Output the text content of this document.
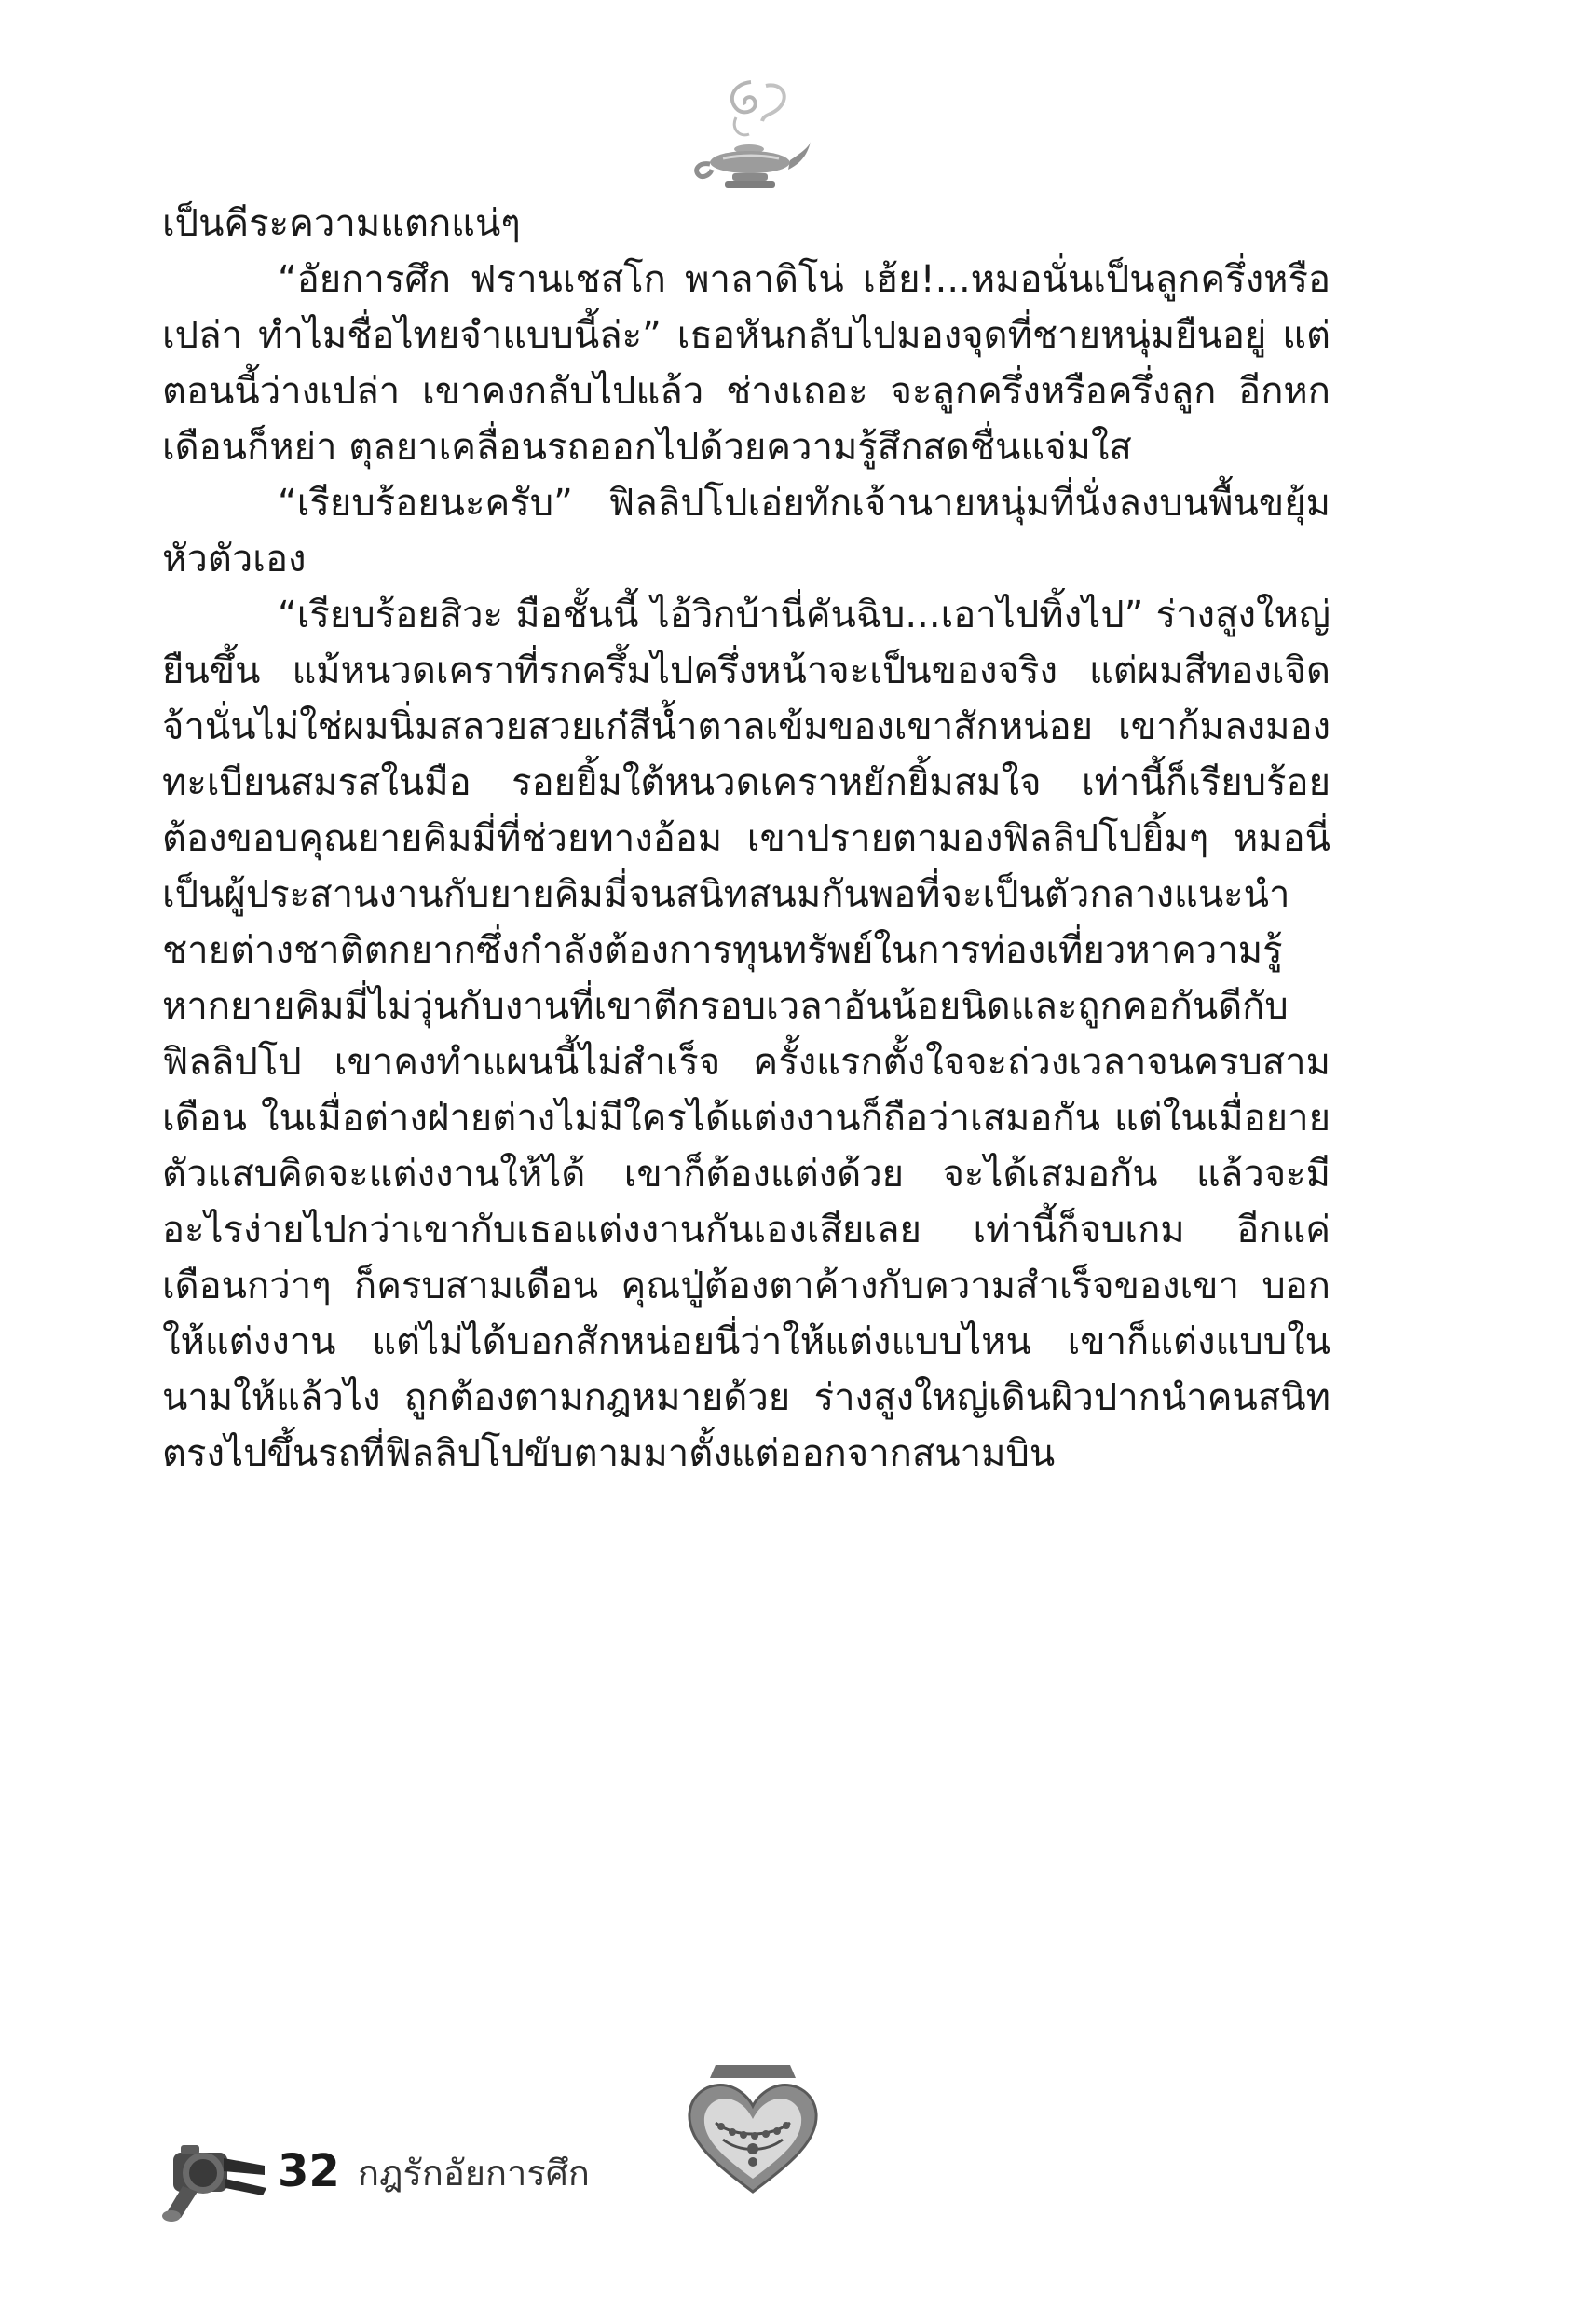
เป็นคีระความแตกแน่ๆ

“อัยการศึก ฟรานเชสโก พาลาดิโน่ เฮ้ย!...หมอนั่นเป็นลูกครึ่งหรือเปล่า ทำไมชื่อไทยจำแบบนี้ล่ะ” เธอหันกลับไปมองจุดที่ชายหนุ่มยืนอยู่ แต่ตอนนี้ว่างเปล่า เขาคงกลับไปแล้ว ช่างเถอะ จะลูกครึ่งหรือครึ่งลูก อีกหกเดือนก็หย่า ตุลยาเคลื่อนรถออกไปด้วยความรู้สึกสดชื่นแจ่มใส

“เรียบร้อยนะครับ” ฟิลลิปโปเอ่ยทักเจ้านายหนุ่มที่นั่งลงบนพื้นขยุ้มหัวตัวเอง

“เรียบร้อยสิวะ มือชั้นนี้ ไอ้วิกบ้านี่คันฉิบ...เอาไปทิ้งไป” ร่างสูงใหญ่ยืนขึ้น แม้หนวดเคราที่รกครึ้มไปครึ่งหน้าจะเป็นของจริง แต่ผมสีทองเจิดจ้านั่นไม่ใช่ผมนิ่มสลวยสวยเก๋สีน้ำตาลเข้มของเขาสักหน่อย เขาก้มลงมองทะเบียนสมรสในมือ รอยยิ้มใต้หนวดเคราหยักยิ้มสมใจ เท่านี้ก็เรียบร้อย ต้องขอบคุณยายคิมมี่ที่ช่วยทางอ้อม เขาปรายตามองฟิลลิปโปยิ้มๆ หมอนี่เป็นผู้ประสานงานกับยายคิมมี่จนสนิทสนมกันพอที่จะเป็นตัวกลางแนะนำชายต่างชาติตกยากซึ่งกำลังต้องการทุนทรัพย์ในการท่องเที่ยวหาความรู้ หากยายคิมมี่ไม่วุ่นกับงานที่เขาตีกรอบเวลาอันน้อยนิดและถูกคอกันดีกับฟิลลิปโป เขาคงทำแผนนี้ไม่สำเร็จ ครั้งแรกตั้งใจจะถ่วงเวลาจนครบสามเดือน ในเมื่อต่างฝ่ายต่างไม่มีใครได้แต่งงานก็ถือว่าเสมอกัน แต่ในเมื่อยายตัวแสบคิดจะแต่งงานให้ได้ เขาก็ต้องแต่งด้วย จะได้เสมอกัน แล้วจะมีอะไรง่ายไปกว่าเขากับเธอแต่งงานกันเองเสียเลย เท่านี้ก็จบเกม อีกแค่เดือนกว่าๆ ก็ครบสามเดือน คุณปู่ต้องตาค้างกับความสำเร็จของเขา บอกให้แต่งงาน แต่ไม่ได้บอกสักหน่อยนี่ว่าให้แต่งแบบไหน เขาก็แต่งแบบในนามให้แล้วไง ถูกต้องตามกฎหมายด้วย ร่างสูงใหญ่เดินผิวปากนำคนสนิทตรงไปขึ้นรถที่ฟิลลิปโปขับตามมาตั้งแต่ออกจากสนามบิน

32 กฎรักอัยการศึก
